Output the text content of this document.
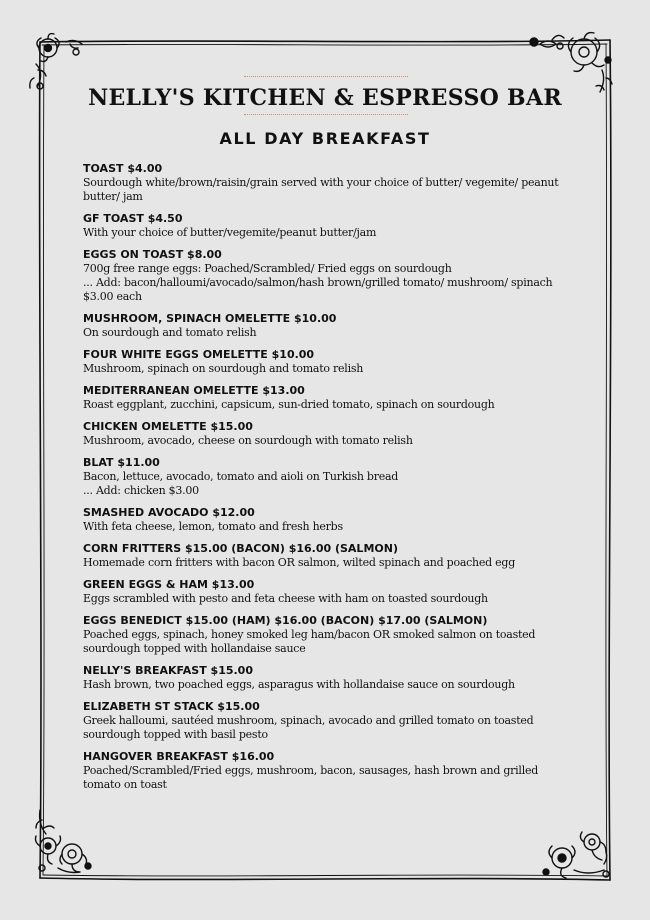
NELLY'S KITCHEN & ESPRESSO BAR
ALL DAY BREAKFAST
TOAST $4.00
Sourdough white/brown/raisin/grain served with your choice of butter/ vegemite/ peanut butter/ jam
GF TOAST $4.50
With your choice of butter/vegemite/peanut butter/jam
EGGS ON TOAST $8.00
700g free range eggs: Poached/Scrambled/ Fried eggs on sourdough
... Add: bacon/halloumi/avocado/salmon/hash brown/grilled tomato/ mushroom/ spinach $3.00 each
MUSHROOM, SPINACH OMELETTE $10.00
On sourdough and tomato relish
FOUR WHITE EGGS OMELETTE $10.00
Mushroom, spinach on sourdough and tomato relish
MEDITERRANEAN OMELETTE $13.00
Roast eggplant, zucchini, capsicum, sun-dried tomato, spinach on sourdough
CHICKEN OMELETTE $15.00
Mushroom, avocado, cheese on sourdough with tomato relish
BLAT $11.00
Bacon, lettuce, avocado, tomato and aioli on Turkish bread
... Add: chicken $3.00
SMASHED AVOCADO $12.00
With feta cheese, lemon, tomato and fresh herbs
CORN FRITTERS $15.00 (BACON) $16.00 (SALMON)
Homemade corn fritters with bacon OR salmon, wilted spinach and poached egg
GREEN EGGS & HAM $13.00
Eggs scrambled with pesto and feta cheese with ham on toasted sourdough
EGGS BENEDICT $15.00 (HAM) $16.00 (BACON) $17.00 (SALMON)
Poached eggs, spinach, honey smoked leg ham/bacon OR smoked salmon on toasted sourdough topped with hollandaise sauce
NELLY'S BREAKFAST $15.00
Hash brown, two poached eggs, asparagus with hollandaise sauce on sourdough
ELIZABETH ST STACK $15.00
Greek halloumi, sautéed mushroom, spinach, avocado and grilled tomato on toasted sourdough topped with basil pesto
HANGOVER BREAKFAST $16.00
Poached/Scrambled/Fried eggs, mushroom, bacon, sausages, hash brown and grilled tomato on toast
